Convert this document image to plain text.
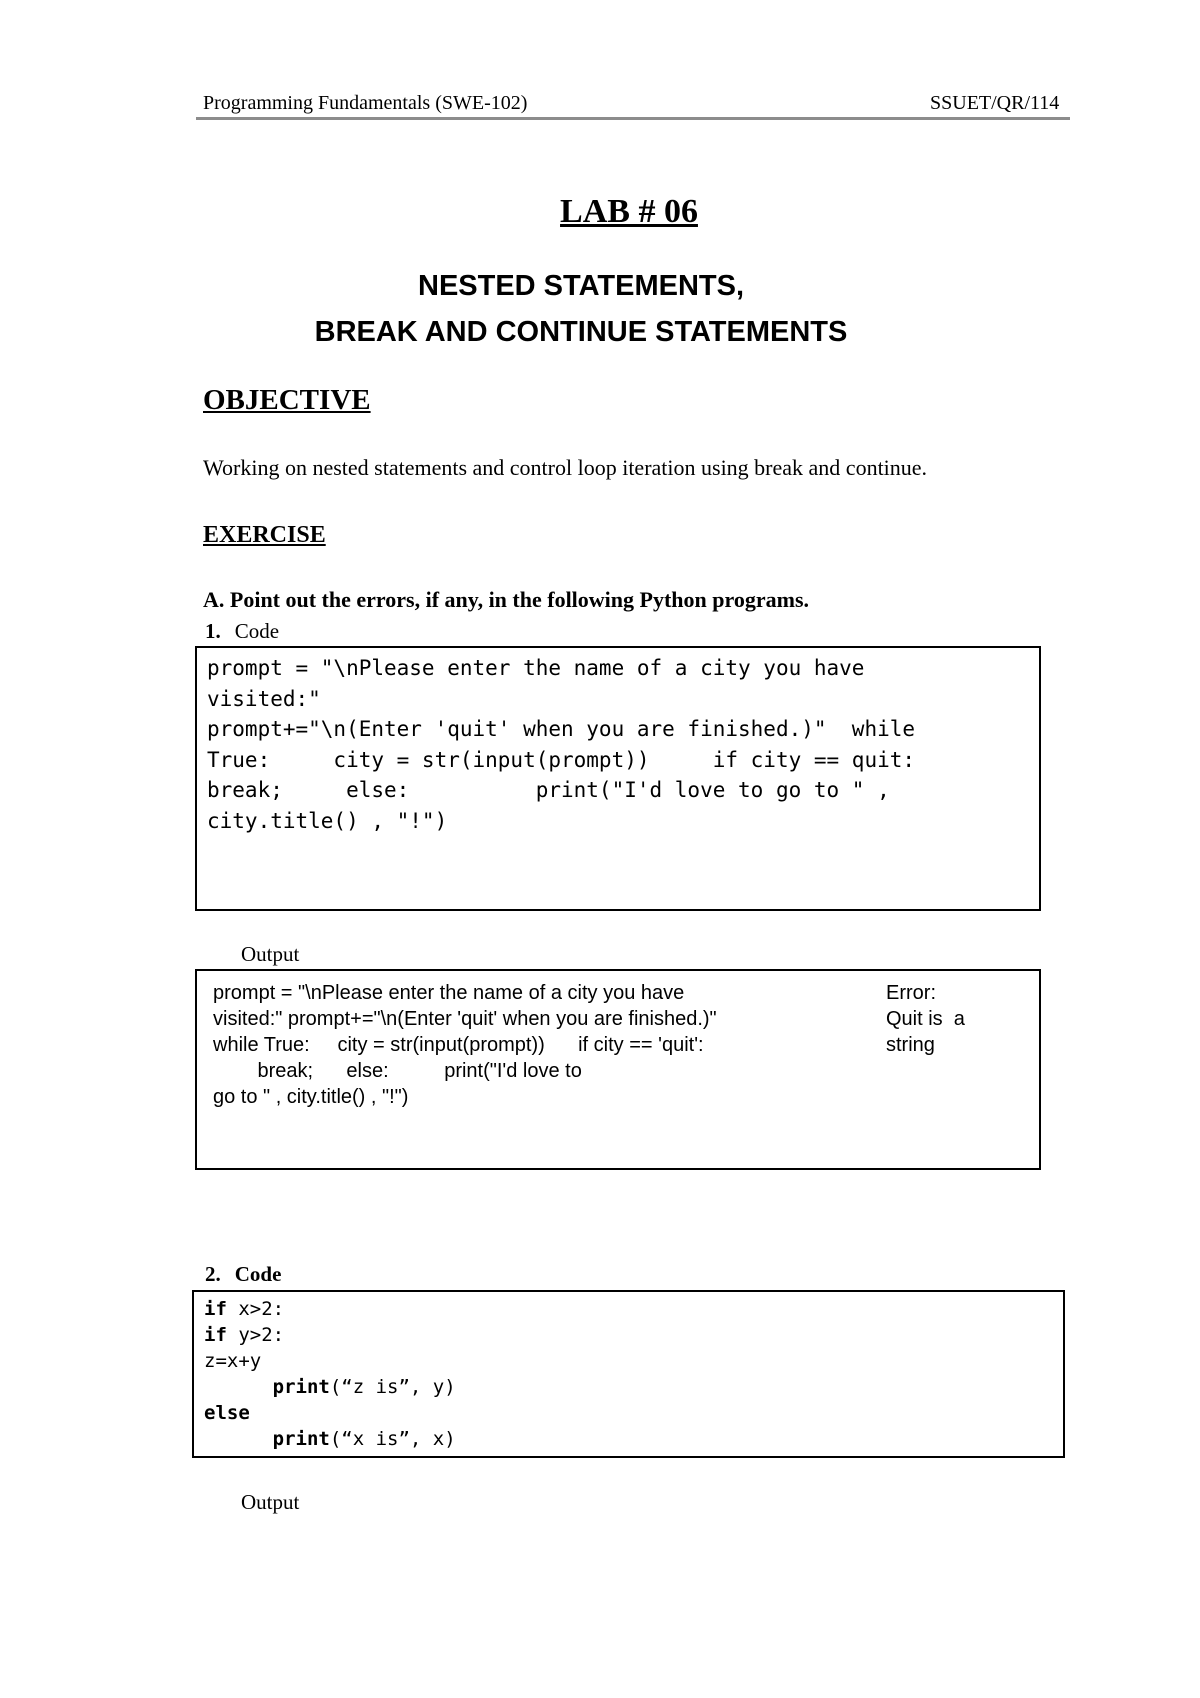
Programming Fundamentals (SWE-102)	SSUET/QR/114
LAB # 06
NESTED STATEMENTS,
BREAK AND CONTINUE STATEMENTS
OBJECTIVE
Working on nested statements and control loop iteration using break and continue.
EXERCISE
A. Point out the errors, if any, in the following Python programs.
1. Code
prompt = "\nPlease enter the name of a city you have
visited:"
prompt+="\n(Enter 'quit' when you are finished.)"  while
True:     city = str(input(prompt))     if city == quit:
break;     else:          print("I'd love to go to " ,
city.title() , "!")
Output
prompt = "\nPlease enter the name of a city you have
visited:" prompt+="\n(Enter 'quit' when you are finished.)"
while True:     city = str(input(prompt))      if city == 'quit':
break;      else:          print("I'd love to
go to " , city.title() , "!")
Error:
Quit is  a
string
2. Code
if x>2:
if y>2:
z=x+y
print(“z is”, y)
else
print(“x is”, x)
Output
